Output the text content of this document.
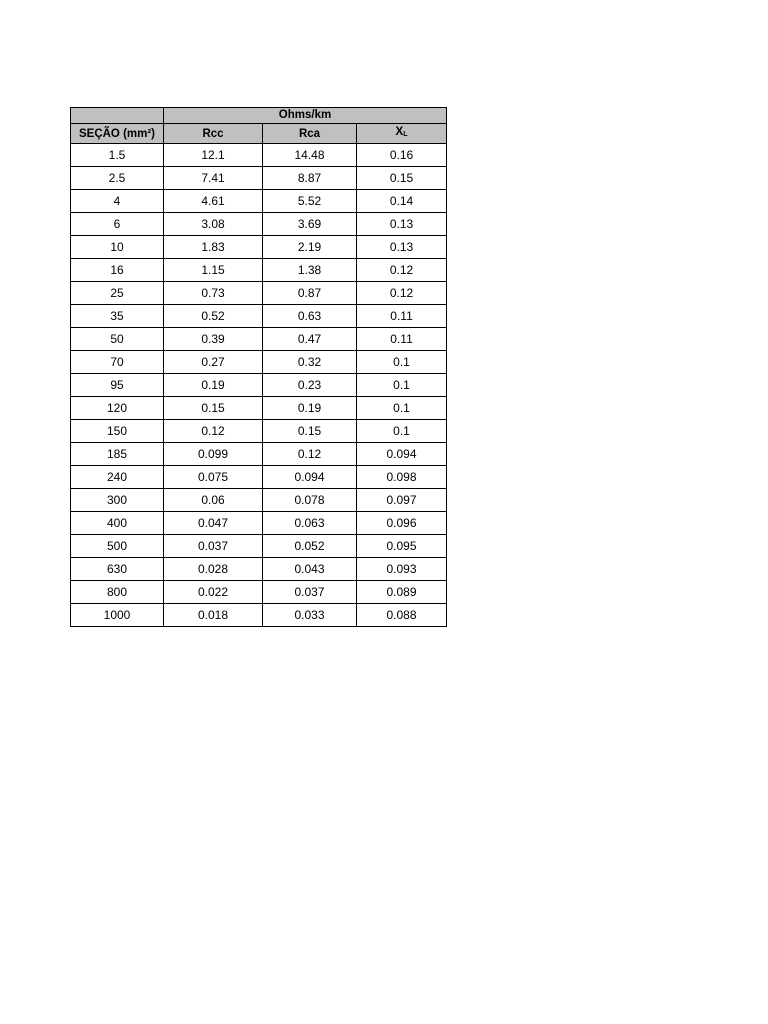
	Ohms/km		
SEÇÃO (mm²)	Rcc	Rca	XL
1.5	12.1	14.48	0.16
2.5	7.41	8.87	0.15
4	4.61	5.52	0.14
6	3.08	3.69	0.13
10	1.83	2.19	0.13
16	1.15	1.38	0.12
25	0.73	0.87	0.12
35	0.52	0.63	0.11
50	0.39	0.47	0.11
70	0.27	0.32	0.1
95	0.19	0.23	0.1
120	0.15	0.19	0.1
150	0.12	0.15	0.1
185	0.099	0.12	0.094
240	0.075	0.094	0.098
300	0.06	0.078	0.097
400	0.047	0.063	0.096
500	0.037	0.052	0.095
630	0.028	0.043	0.093
800	0.022	0.037	0.089
1000	0.018	0.033	0.088
